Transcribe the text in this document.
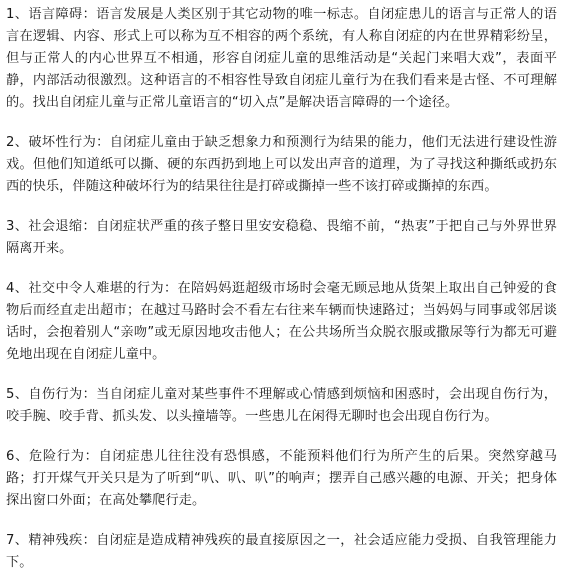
1、语言障碍：语言发展是人类区别于其它动物的唯一标志。自闭症患儿的语言与正常人的语言在逻辑、内容、形式上可以称为互不相容的两个系统，有人称自闭症的内在世界精彩纷呈，但与正常人的内心世界互不相通，形容自闭症儿童的思维活动是“关起门来唱大戏”，表面平静，内部活动很激烈。这种语言的不相容性导致自闭症儿童行为在我们看来是古怪、不可理解的。找出自闭症儿童与正常儿童语言的“切入点”是解决语言障碍的一个途径。

2、破坏性行为：自闭症儿童由于缺乏想象力和预测行为结果的能力，他们无法进行建设性游戏。但他们知道纸可以撕、硬的东西扔到地上可以发出声音的道理，为了寻找这种撕纸或扔东西的快乐，伴随这种破坏行为的结果往往是打碎或撕掉一些不该打碎或撕掉的东西。

3、社会退缩：自闭症状严重的孩子整日里安安稳稳、畏缩不前，“热衷”于把自己与外界世界隔离开来。

4、社交中令人难堪的行为：在陪妈妈逛超级市场时会毫无顾忌地从货架上取出自己钟爱的食物后而经直走出超市；在越过马路时会不看左右往来车辆而快速路过；当妈妈与同事或邻居谈话时，会抱着别人“亲吻”或无原因地攻击他人；在公共场所当众脱衣服或撒尿等行为都无可避免地出现在自闭症儿童中。

5、自伤行为：当自闭症儿童对某些事件不理解或心情感到烦恼和困惑时，会出现自伤行为，咬手腕、咬手背、抓头发、以头撞墙等。一些患儿在闲得无聊时也会出现自伤行为。

6、危险行为：自闭症患儿往往没有恐惧感，不能预料他们行为所产生的后果。突然穿越马路；打开煤气开关只是为了听到“叭、叭、叭”的响声；摆弄自己感兴趣的电源、开关；把身体探出窗口外面；在高处攀爬行走。

7、精神残疾：自闭症是造成精神残疾的最直接原因之一，社会适应能力受损、自我管理能力下。
